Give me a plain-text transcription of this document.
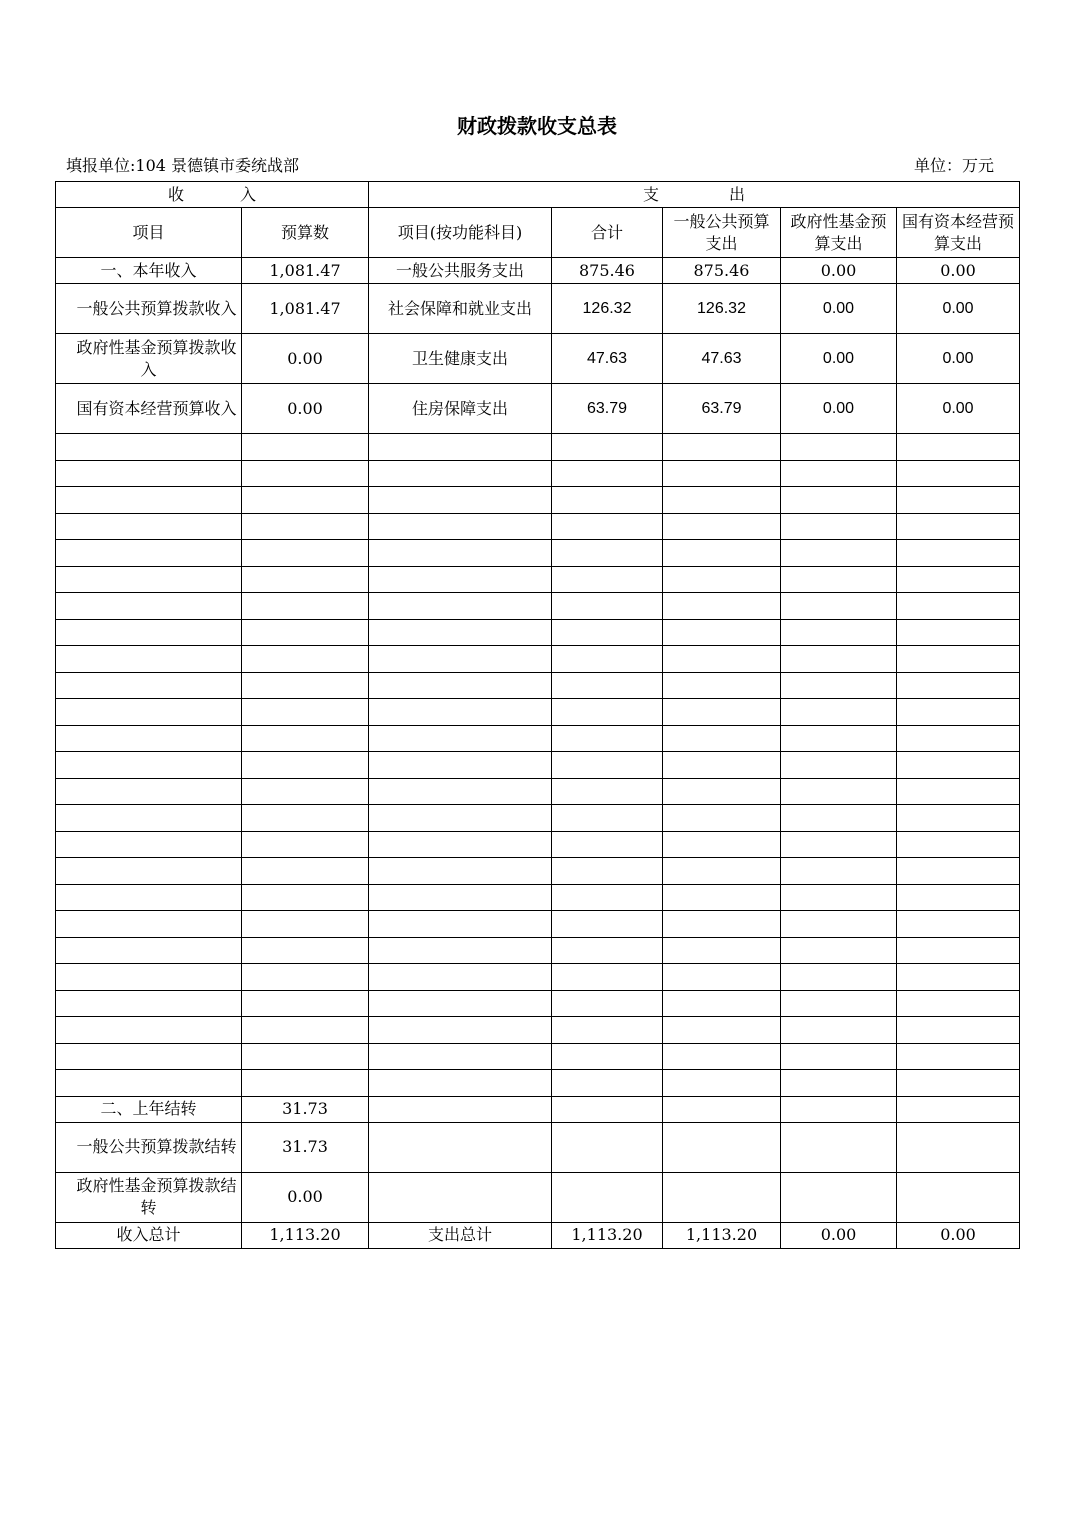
财政拨款收支总表
填报单位:104 景德镇市委统战部	单位：万元
收 入		支 出				
项目	预算数	项目(按功能科目)	合计	一般公共预算支出	政府性基金预算支出	国有资本经营预算支出
一、本年收入	1,081.47	一般公共服务支出	875.46	875.46	0.00	0.00
一般公共预算拨款收入	1,081.47	社会保障和就业支出	126.32	126.32	0.00	0.00
政府性基金预算拨款收入	0.00	卫生健康支出	47.63	47.63	0.00	0.00
国有资本经营预算收入	0.00	住房保障支出	63.79	63.79	0.00	0.00

二、上年结转	31.73					
一般公共预算拨款结转	31.73					
政府性基金预算拨款结转	0.00					
收入总计	1,113.20	支出总计	1,113.20	1,113.20	0.00	0.00
